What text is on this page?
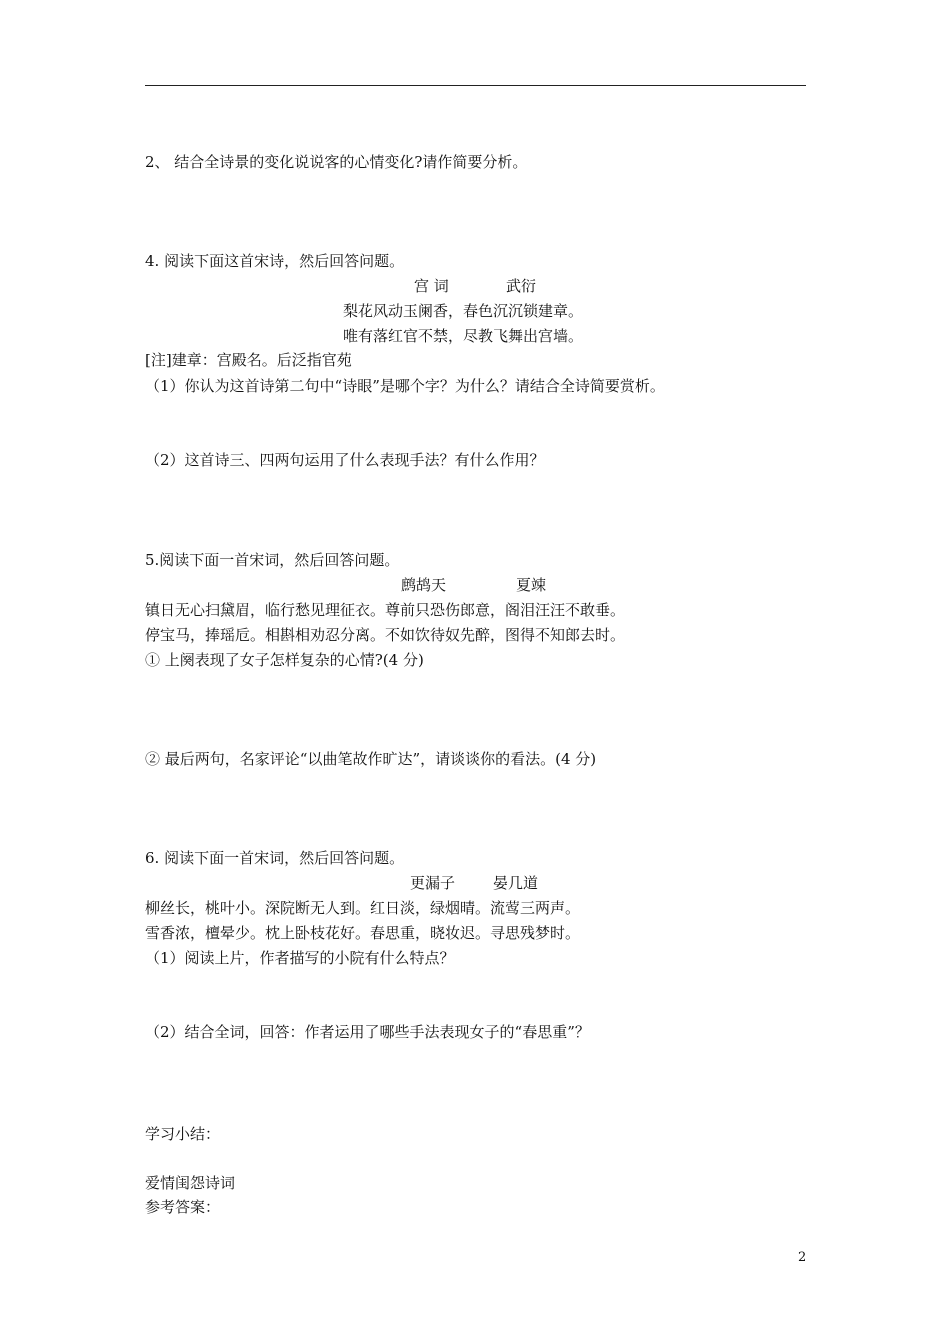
2、 结合全诗景的变化说说客的心情变化?请作简要分析。
4. 阅读下面这首宋诗，然后回答问题。
宫 词	武衍
梨花风动玉阑香，春色沉沉锁建章。
唯有落红官不禁，尽教飞舞出宫墙。
[注]建章：宫殿名。后泛指官苑
（1）你认为这首诗第二句中“诗眼”是哪个字？为什么？请结合全诗简要赏析。
（2）这首诗三、四两句运用了什么表现手法？有什么作用？
5.阅读下面一首宋词，然后回答问题。
鹧鸪天	夏竦
镇日无心扫黛眉，临行愁见理征衣。尊前只恐伤郎意，阁泪汪汪不敢垂。
停宝马，捧瑶卮。相斟相劝忍分离。不如饮待奴先醉，图得不知郎去时。
① 上阕表现了女子怎样复杂的心情?(4 分)
② 最后两句，名家评论“以曲笔故作旷达”，请谈谈你的看法。(4 分)
6. 阅读下面一首宋词，然后回答问题。
更漏子	晏几道
柳丝长，桃叶小。深院断无人到。红日淡，绿烟晴。流莺三两声。
雪香浓，檀晕少。枕上卧枝花好。春思重，晓妆迟。寻思残梦时。
（1）阅读上片，作者描写的小院有什么特点？
（2）结合全词，回答：作者运用了哪些手法表现女子的“春思重”？
学习小结：
爱情闺怨诗词
参考答案：
2
